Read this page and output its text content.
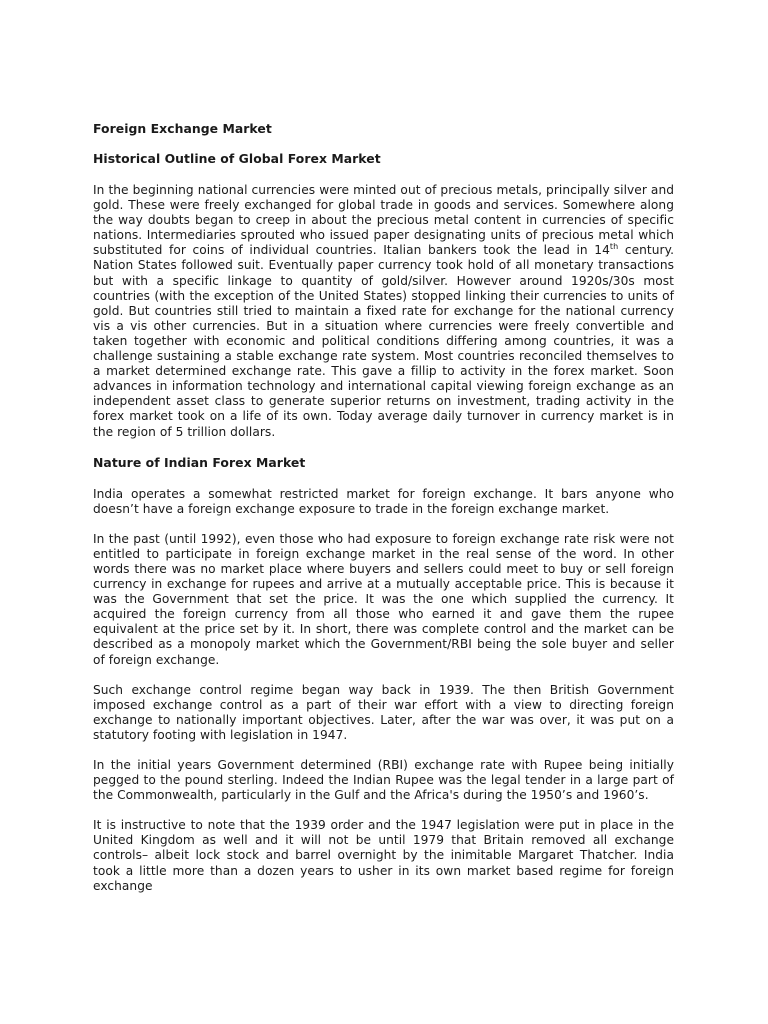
Foreign Exchange Market
Historical Outline of Global Forex Market

In the beginning national currencies were minted out of precious metals, principally silver and gold. These were freely exchanged for global trade in goods and services. Somewhere along the way doubts began to creep in about the precious metal content in currencies of specific nations. Intermediaries sprouted who issued paper designating units of precious metal which substituted for coins of individual countries. Italian bankers took the lead in 14th century. Nation States followed suit. Eventually paper currency took hold of all monetary transactions but with a specific linkage to quantity of gold/silver. However around 1920s/30s most countries (with the exception of the United States) stopped linking their currencies to units of gold. But countries still tried to maintain a fixed rate for exchange for the national currency vis a vis other currencies. But in a situation where currencies were freely convertible and taken together with economic and political conditions differing among countries, it was a challenge sustaining a stable exchange rate system. Most countries reconciled themselves to a market determined exchange rate. This gave a fillip to activity in the forex market. Soon advances in information technology and international capital viewing foreign exchange as an independent asset class to generate superior returns on investment, trading activity in the forex market took on a life of its own. Today average daily turnover in currency market is in the region of 5 trillion dollars.

Nature of Indian Forex Market

India operates a somewhat restricted market for foreign exchange. It bars anyone who doesn’t have a foreign exchange exposure to trade in the foreign exchange market.

In the past (until 1992), even those who had exposure to foreign exchange rate risk were not entitled to participate in foreign exchange market in the real sense of the word. In other words there was no market place where buyers and sellers could meet to buy or sell foreign currency in exchange for rupees and arrive at a mutually acceptable price. This is because it was the Government that set the price. It was the one which supplied the currency. It acquired the foreign currency from all those who earned it and gave them the rupee equivalent at the price set by it. In short, there was complete control and the market can be described as a monopoly market which the Government/RBI being the sole buyer and seller of foreign exchange.

Such exchange control regime began way back in 1939. The then British Government imposed exchange control as a part of their war effort with a view to directing foreign exchange to nationally important objectives. Later, after the war was over, it was put on a statutory footing with legislation in 1947.

In the initial years Government determined (RBI) exchange rate with Rupee being initially pegged to the pound sterling. Indeed the Indian Rupee was the legal tender in a large part of the Commonwealth, particularly in the Gulf and the Africa's during the 1950’s and 1960’s.

It is instructive to note that the 1939 order and the 1947 legislation were put in place in the United Kingdom as well and it will not be until 1979 that Britain removed all exchange controls– albeit lock stock and barrel overnight by the inimitable Margaret Thatcher. India took a little more than a dozen years to usher in its own market based regime for foreign exchange
